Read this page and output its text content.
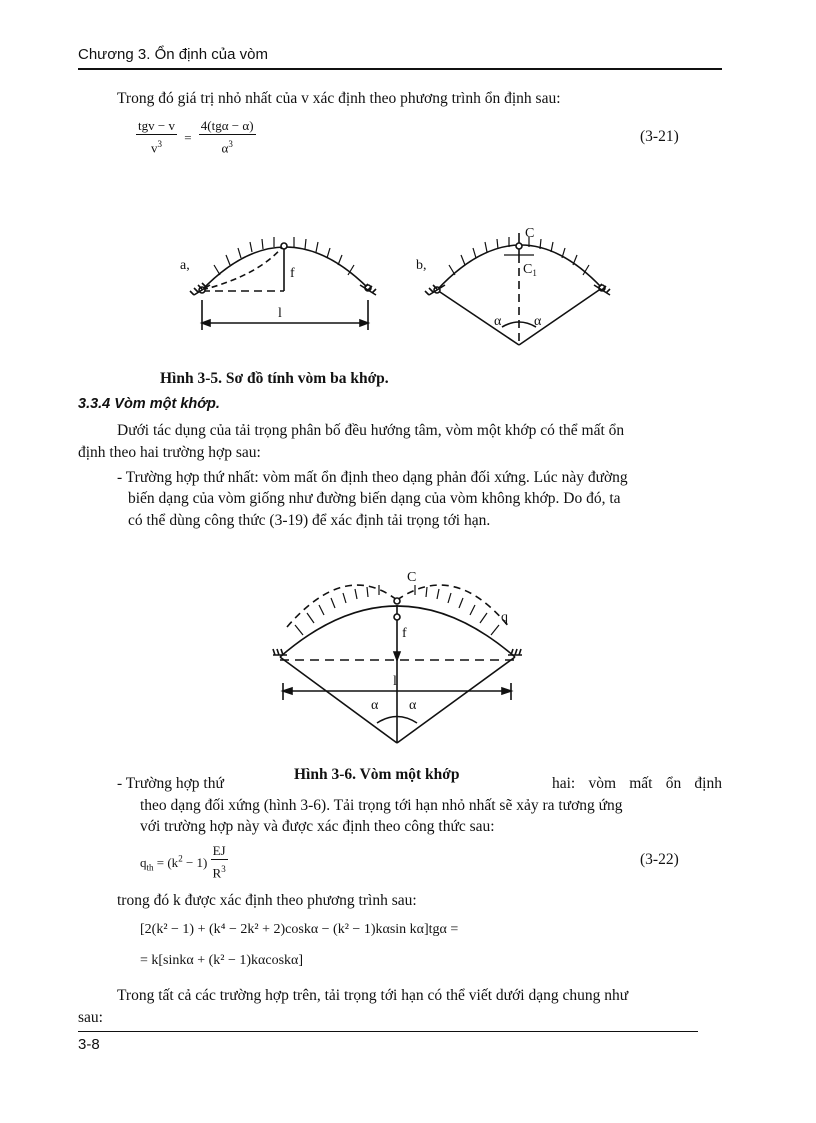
Chương 3. Ổn định của vòm
Trong đó giá trị nhỏ nhất của v xác định theo phương trình ổn định sau:
$\frac{\text{tgv − v}}{v^3} = \frac{\text{4(tgα − α)}}{\alpha^3}$	(3-21)
a,
f
l
b,
C
$C_1$
α α
Hình 3-5. Sơ đồ tính vòm ba khớp.
3.3.4 Vòm một khớp.
Dưới tác dụng của tải trọng phân bố đều hướng tâm, vòm một khớp có thể mất ổn
định theo hai trường hợp sau:
- Trường hợp thứ nhất: vòm mất ổn định theo dạng phản đối xứng. Lúc này đường
biến dạng của vòm giống như đường biến dạng của vòm không khớp. Do đó, ta
có thể dùng công thức (3-19) để xác định tải trọng tới hạn.
C
q
f
l
α α
- Trường hợp thứ
Hình 3-6. Vòm một khớp
hai: vòm mất ổn định
theo dạng đối xứng (hình 3-6). Tải trọng tới hạn nhỏ nhất sẽ xảy ra tương ứng
với trường hợp này và được xác định theo công thức sau:
$q_{th} = (k^2 - 1) \frac{EJ}{R^3}$	(3-22)
trong đó k được xác định theo phương trình sau:
[2(k² − 1) + (k⁴ − 2k² + 2)coskα − (k² − 1)kαsin kα]tgα =
= k[sinkα + (k² − 1)kαcoskα]
Trong tất cả các trường hợp trên, tải trọng tới hạn có thể viết dưới dạng chung như
sau:
3-8
